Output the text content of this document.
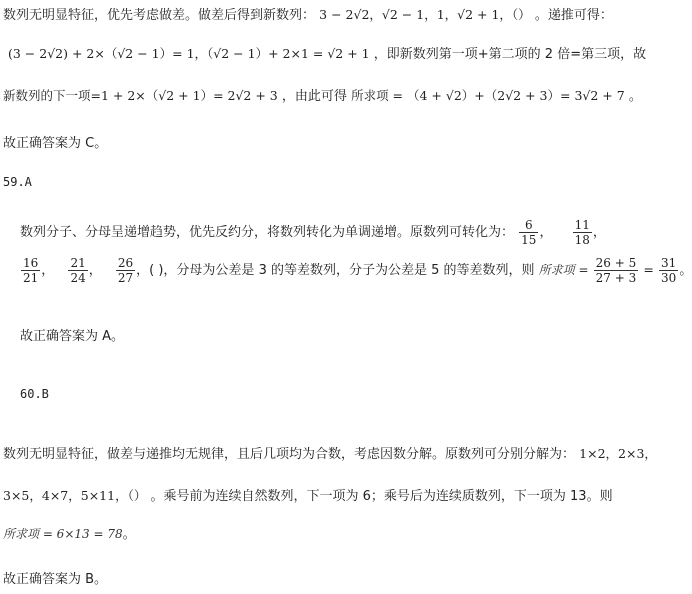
数列无明显特征，优先考虑做差。做差后得到新数列： 3 − 2√2，√2 − 1，1，√2 + 1，（） 。递推可得：
(3 − 2√2) + 2×（√2 − 1）= 1，（√2 − 1）+ 2×1 = √2 + 1 ，即新数列第一项+第二项的 2 倍=第三项，故
新数列的下一项=1 + 2×（√2 + 1）= 2√2 + 3 ，由此可得 所求项 = （4 + √2）+（2√2 + 3）= 3√2 + 7 。
故正确答案为 C。
59.A
数列分子、分母呈递增趋势，优先反约分，将数列转化为单调递增。原数列可转化为： $\frac{6}{15}$ ， $\frac{11}{18}$ ，
$\frac{16}{21}$ ， $\frac{21}{24}$ ， $\frac{26}{27}$ ，( )，分母为公差是 3 的等差数列，分子为公差是 5 的等差数列，则 所求项 = $\frac{26 + 5}{27 + 3} = \frac{31}{30}$ 。
故正确答案为 A。
60.B
数列无明显特征，做差与递推均无规律，且后几项均为合数，考虑因数分解。原数列可分别分解为： 1×2，2×3，
3×5，4×7，5×11，（） 。乘号前为连续自然数列，下一项为 6；乘号后为连续质数列，下一项为 13。则
所求项 = 6×13 = 78。
故正确答案为 B。
